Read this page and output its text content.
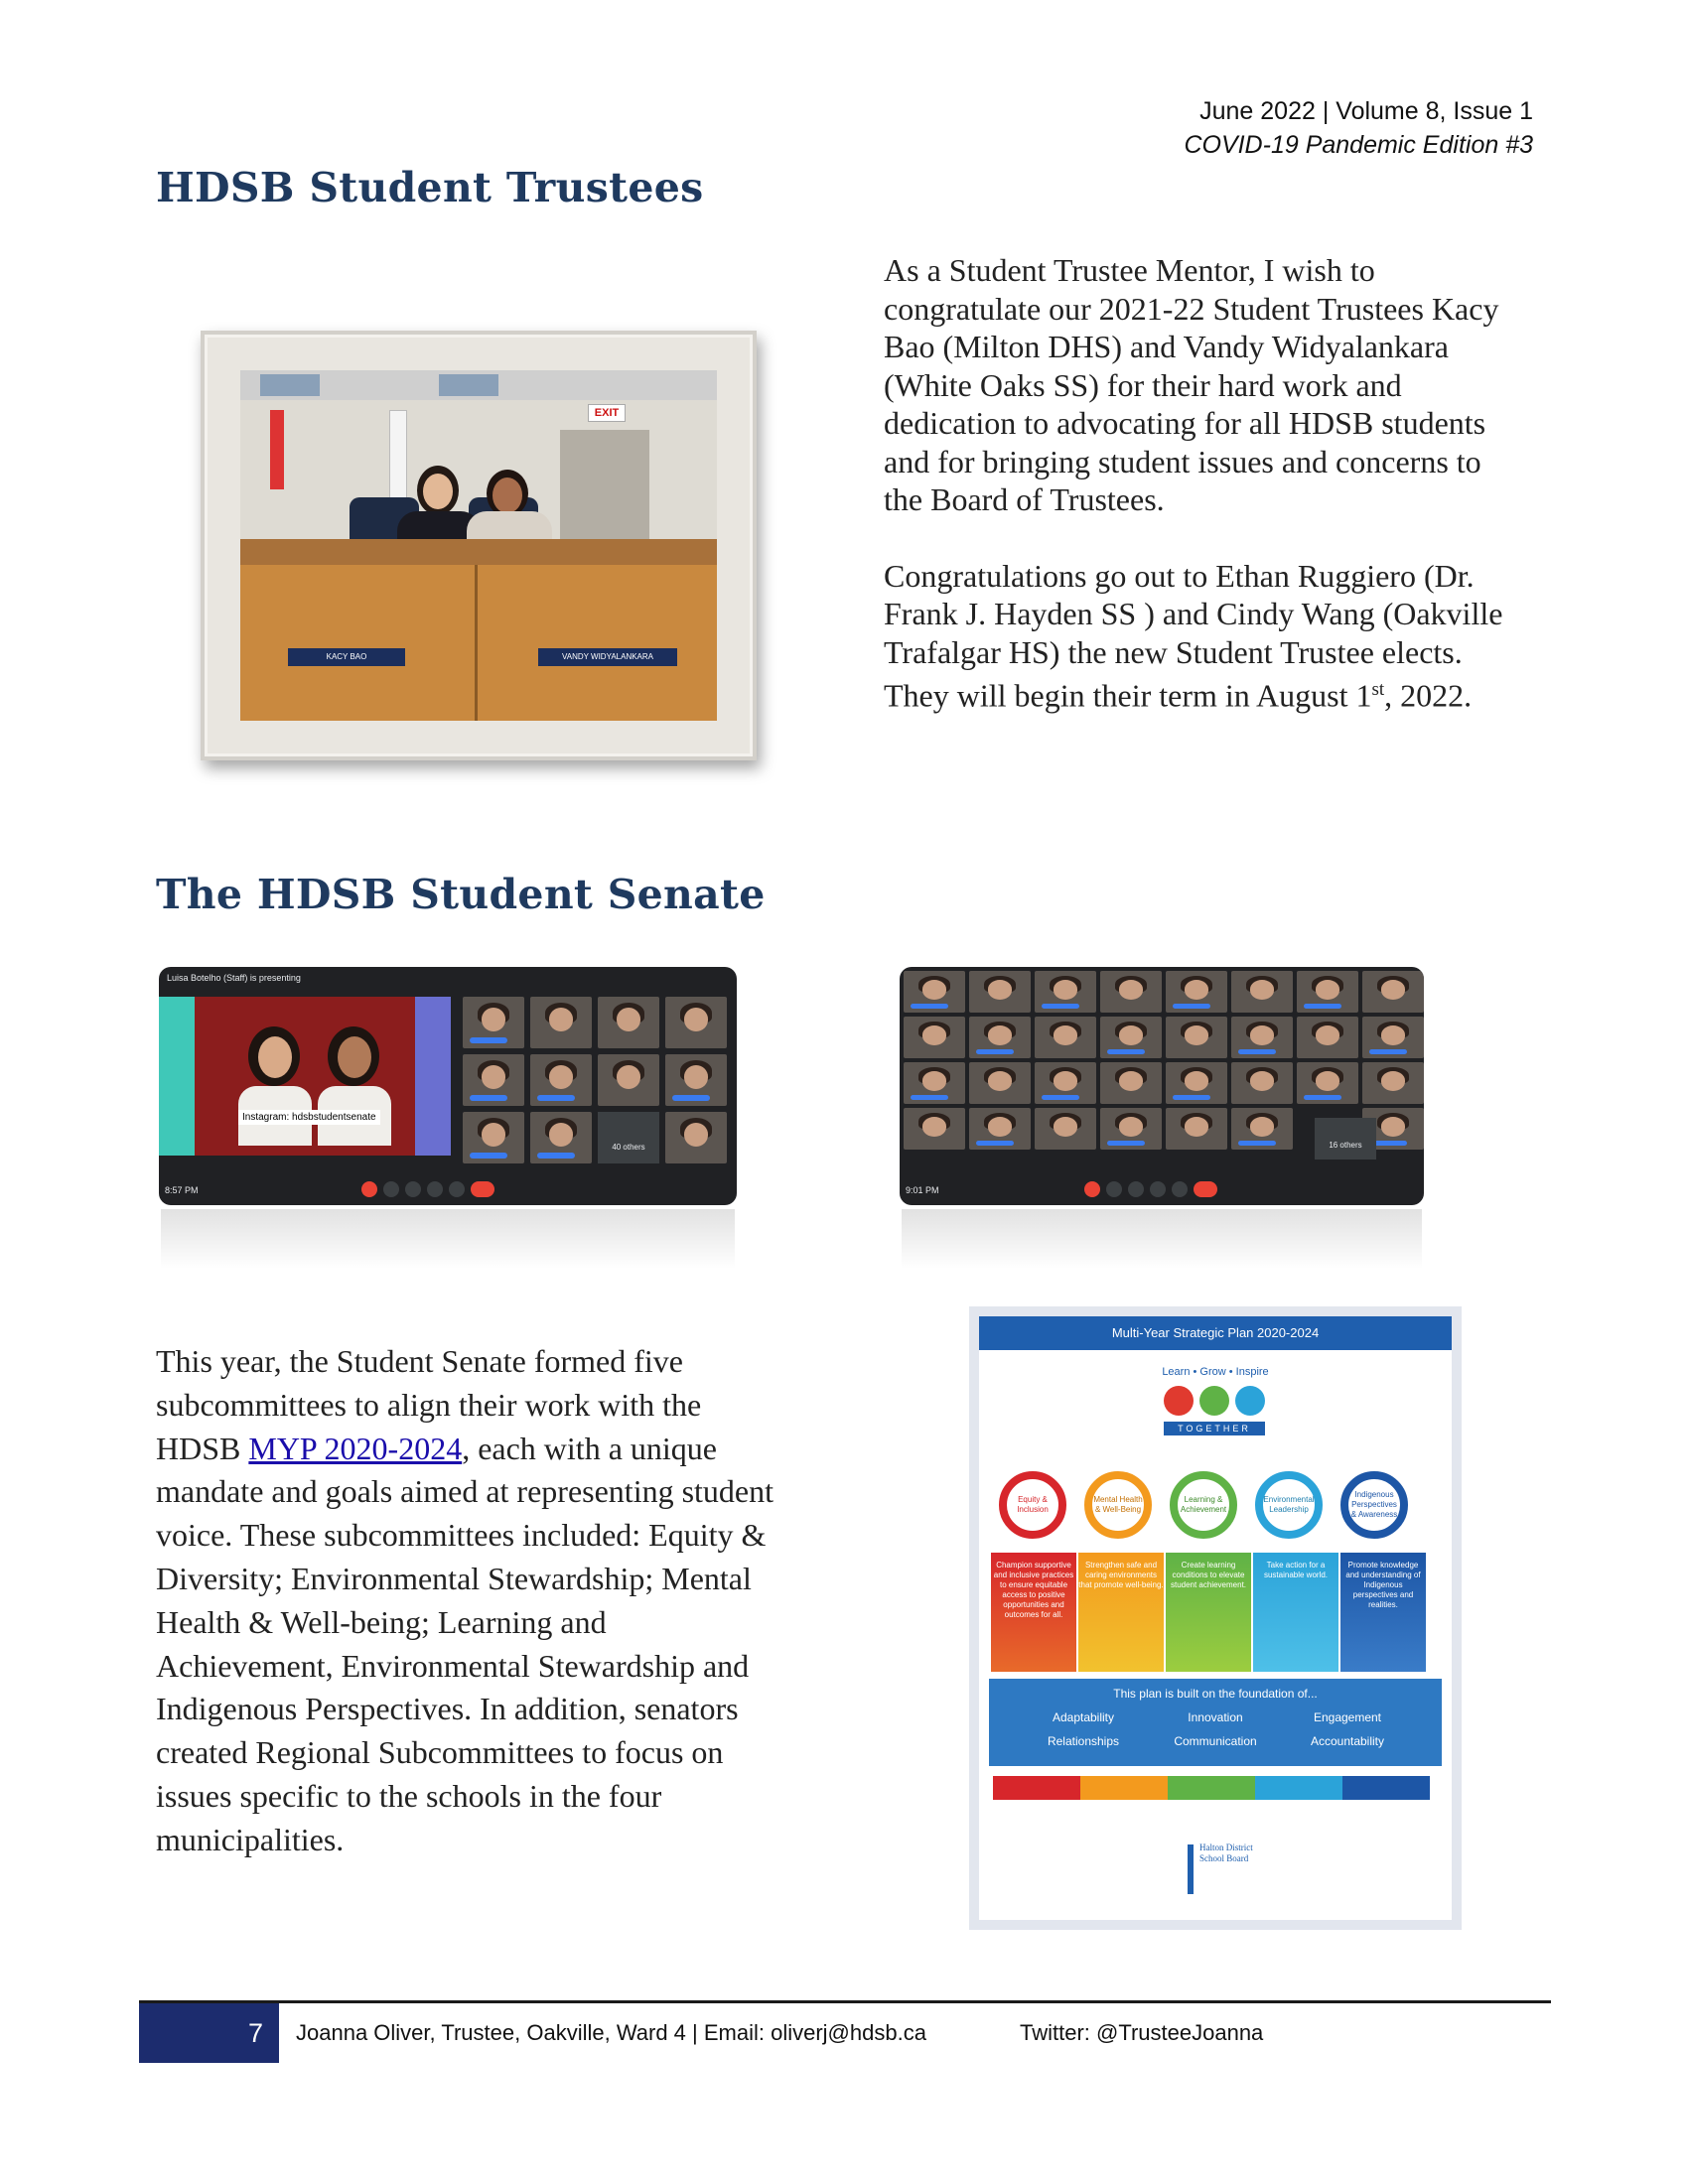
June 2022 | Volume 8, Issue 1
COVID-19 Pandemic Edition #3
HDSB Student Trustees
EXIT
KACY BAO	VANDY WIDYALANKARA

As a Student Trustee Mentor, I wish to congratulate our 2021-22 Student Trustees Kacy Bao (Milton DHS) and Vandy Widyalankara (White Oaks SS) for their hard work and dedication to advocating for all HDSB students and for bringing student issues and concerns to the Board of Trustees.

Congratulations go out to Ethan Ruggiero (Dr. Frank J. Hayden SS ) and Cindy Wang (Oakville Trafalgar HS) the new Student Trustee elects. They will begin their term in August 1st, 2022.

The HDSB Student Senate
Luisa Botelho (Staff) is presenting
Instagram: hdsbstudentsenate
40 others
8:57 PM	9:01 PM
16 others
This year, the Student Senate formed five subcommittees to align their work with the HDSB MYP 2020-2024, each with a unique mandate and goals aimed at representing student voice. These subcommittees included: Equity & Diversity; Environmental Stewardship; Mental Health & Well-being; Learning and Achievement, Environmental Stewardship and Indigenous Perspectives. In addition, senators created Regional Subcommittees to focus on issues specific to the schools in the four municipalities.
Multi-Year Strategic Plan 2020-2024
Learn • Grow • Inspire
TOGETHER
Equity & Inclusion
Mental Health & Well-Being
Learning & Achievement
Environmental Leadership
Indigenous Perspectives & Awareness
Champion supportive and inclusive practices to ensure equitable access to positive opportunities and outcomes for all.
Strengthen safe and caring environments that promote well-being.
Create learning conditions to elevate student achievement.
Take action for a sustainable world.
Promote knowledge and understanding of Indigenous perspectives and realities.
This plan is built on the foundation of...
Adaptability	Innovation	Engagement
Relationships	Communication	Accountability
Halton District School Board
7	Joanna Oliver, Trustee, Oakville, Ward 4 | Email: oliverj@hdsb.ca	Twitter: @TrusteeJoanna
